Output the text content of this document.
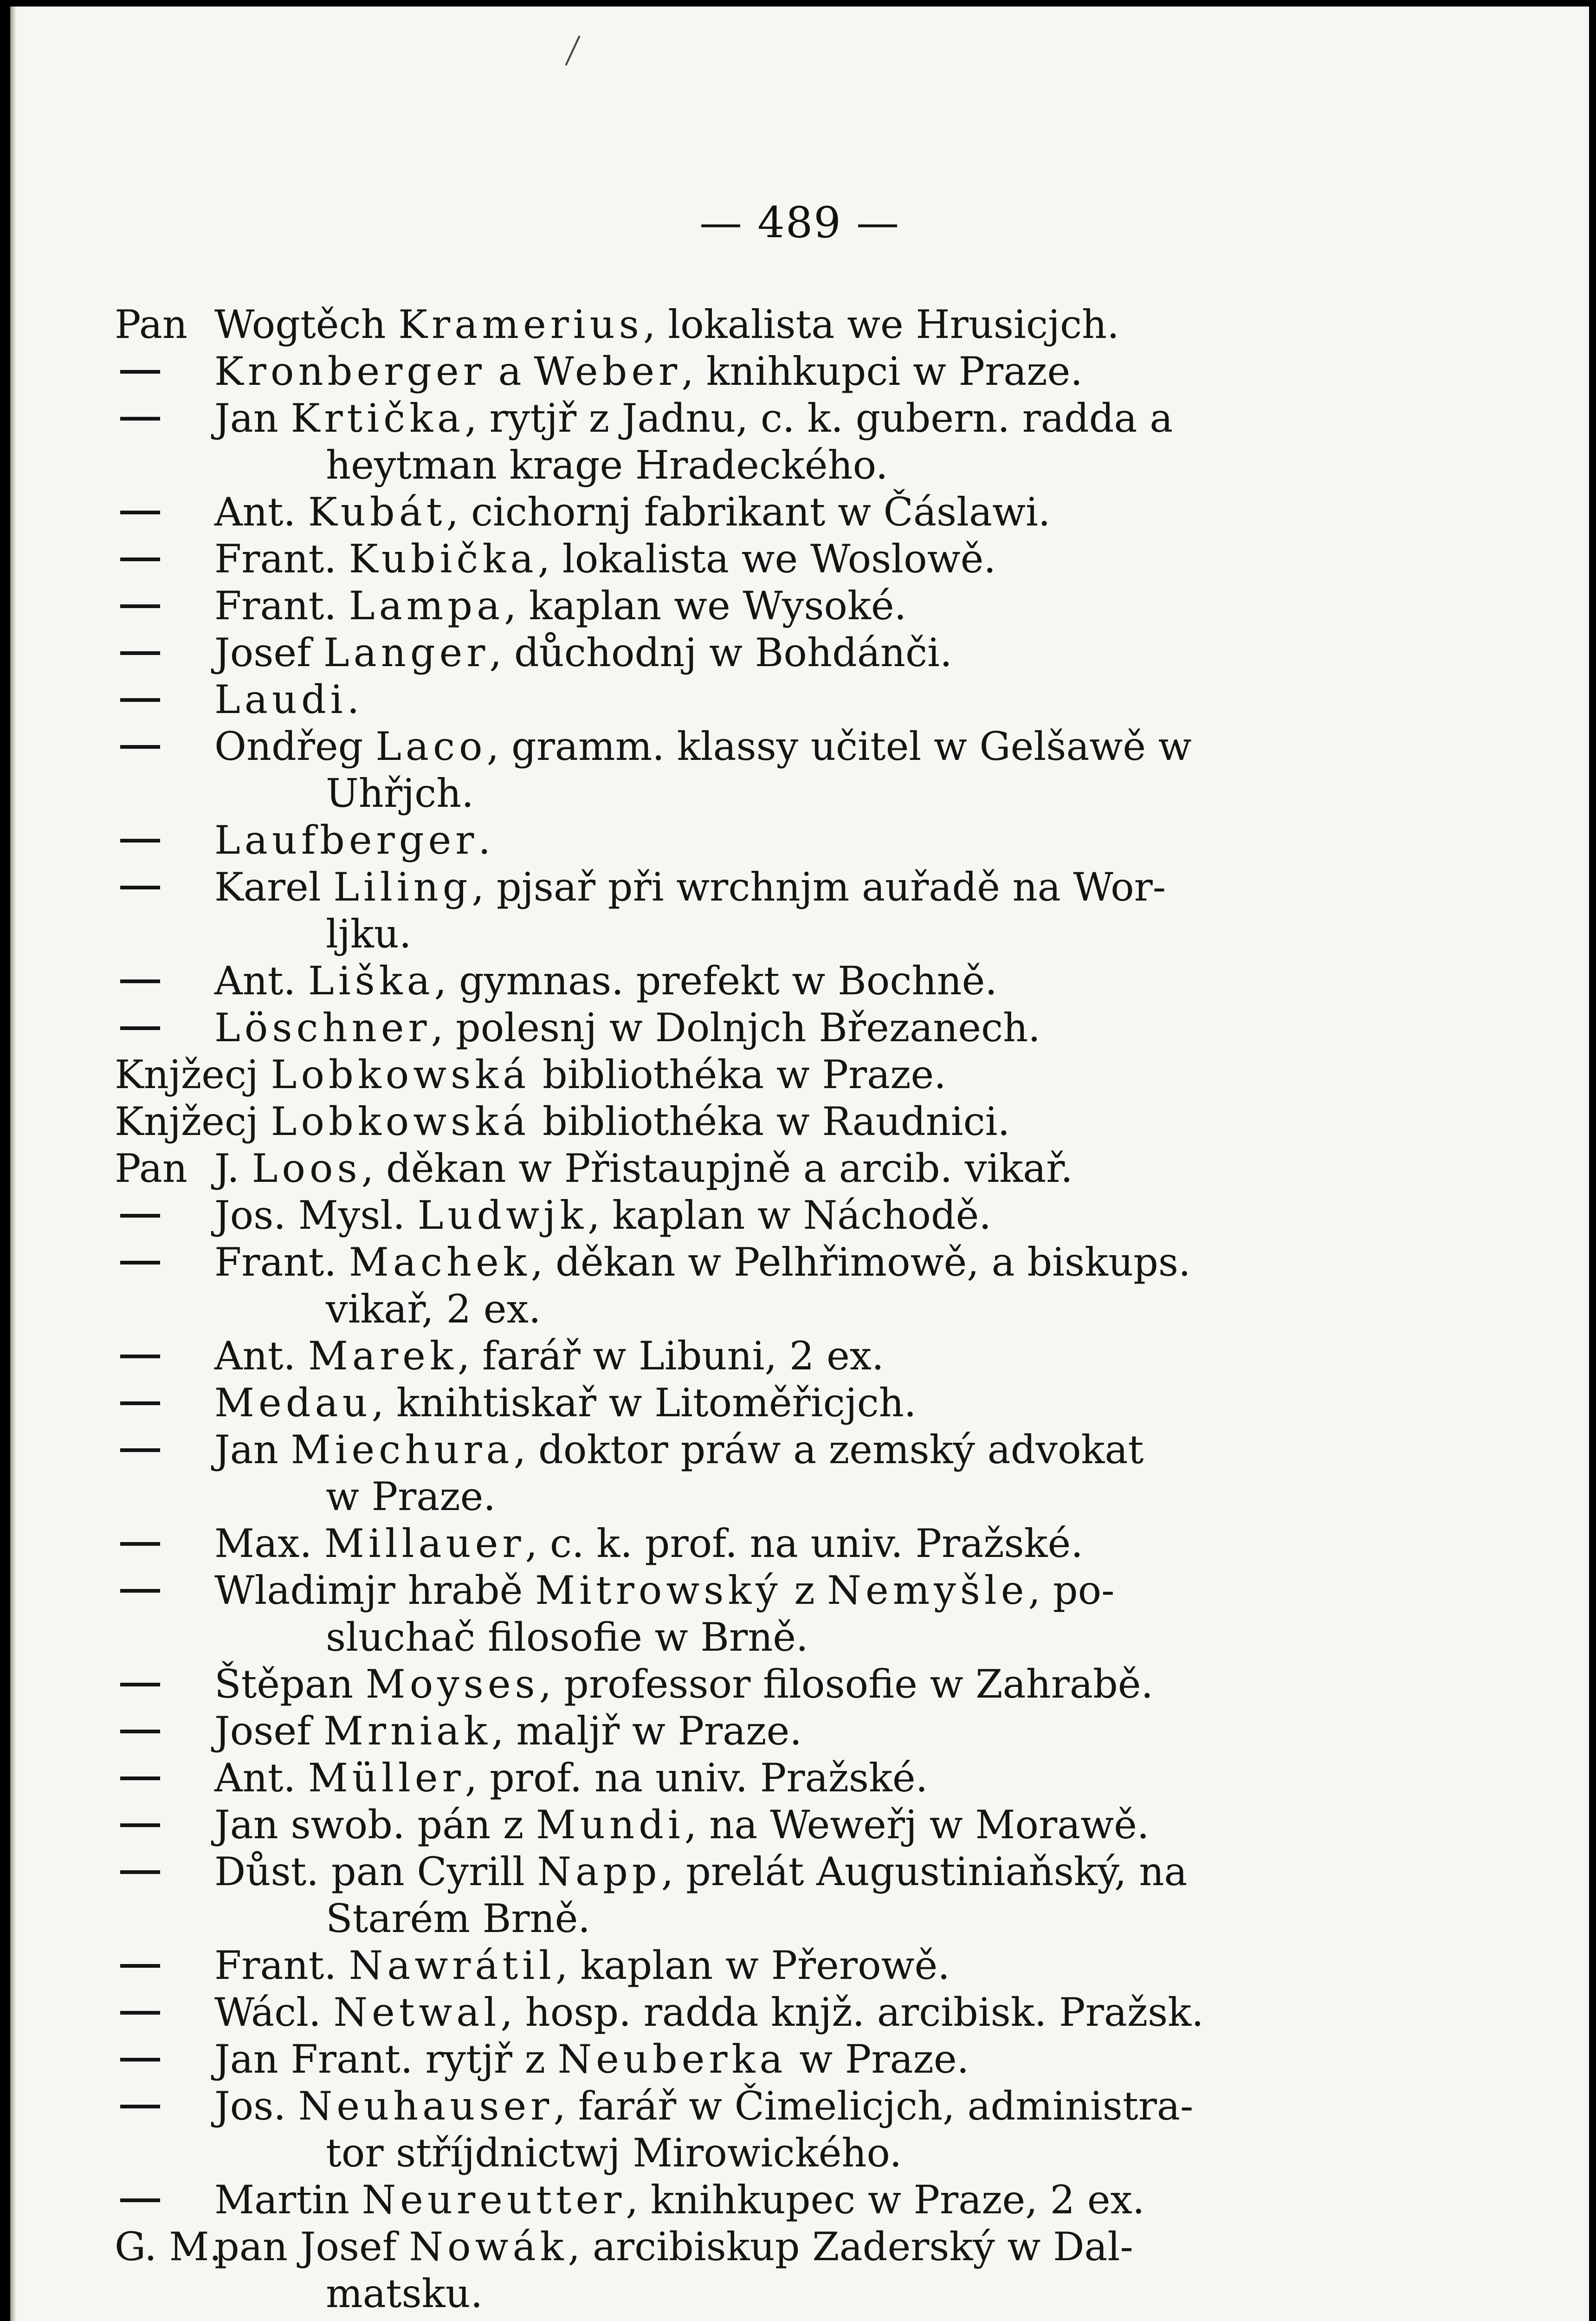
— 489 —
Pan Wogtěch Kramerius, lokalista we Hrusicjch.
Kronberger a Weber, knihkupci w Praze.
Jan Krtička, rytjř z Jadnu, c. k. gubern. radda a
heytman krage Hradeckého.
Ant. Kubát, cichornj fabrikant w Čáslawi.
Frant. Kubička, lokalista we Woslowě.
Frant. Lampa, kaplan we Wysoké.
Josef Langer, důchodnj w Bohdánči.
Laudi.
Ondřeg Laco, gramm. klassy učitel w Gelšawě w
Uhřjch.
Laufberger.
Karel Liling, pjsař při wrchnjm auřadě na Wor-
ljku.
Ant. Liška, gymnas. prefekt w Bochně.
Löschner, polesnj w Dolnjch Březanech.
Knjžecj Lobkowská bibliothéka w Praze.
Knjžecj Lobkowská bibliothéka w Raudnici.
Pan J. Loos, děkan w Přistaupjně a arcib. vikař.
Jos. Mysl. Ludwjk, kaplan w Náchodě.
Frant. Machek, děkan w Pelhřimowě, a biskups.
vikař, 2 ex.
Ant. Marek, farář w Libuni, 2 ex.
Medau, knihtiskař w Litoměřicjch.
Jan Miechura, doktor práw a zemský advokat
w Praze.
Max. Millauer, c. k. prof. na univ. Pražské.
Wladimjr hrabě Mitrowský z Nemyšle, po-
sluchač filosofie w Brně.
Štěpan Moyses, professor filosofie w Zahrabě.
Josef Mrniak, maljř w Praze.
Ant. Müller, prof. na univ. Pražské.
Jan swob. pán z Mundi, na Weweřj w Morawě.
Důst. pan Cyrill Napp, prelát Augustiniaňský, na
Starém Brně.
Frant. Nawrátil, kaplan w Přerowě.
Wácl. Netwal, hosp. radda knjž. arcibisk. Pražsk.
Jan Frant. rytjř z Neuberka w Praze.
Jos. Neuhauser, farář w Čimelicjch, administra-
tor stříjdnictwj Mirowického.
Martin Neureutter, knihkupec w Praze, 2 ex.
G. M.
pan Josef Nowák, arcibiskup Zaderský w Dal-
matsku.
